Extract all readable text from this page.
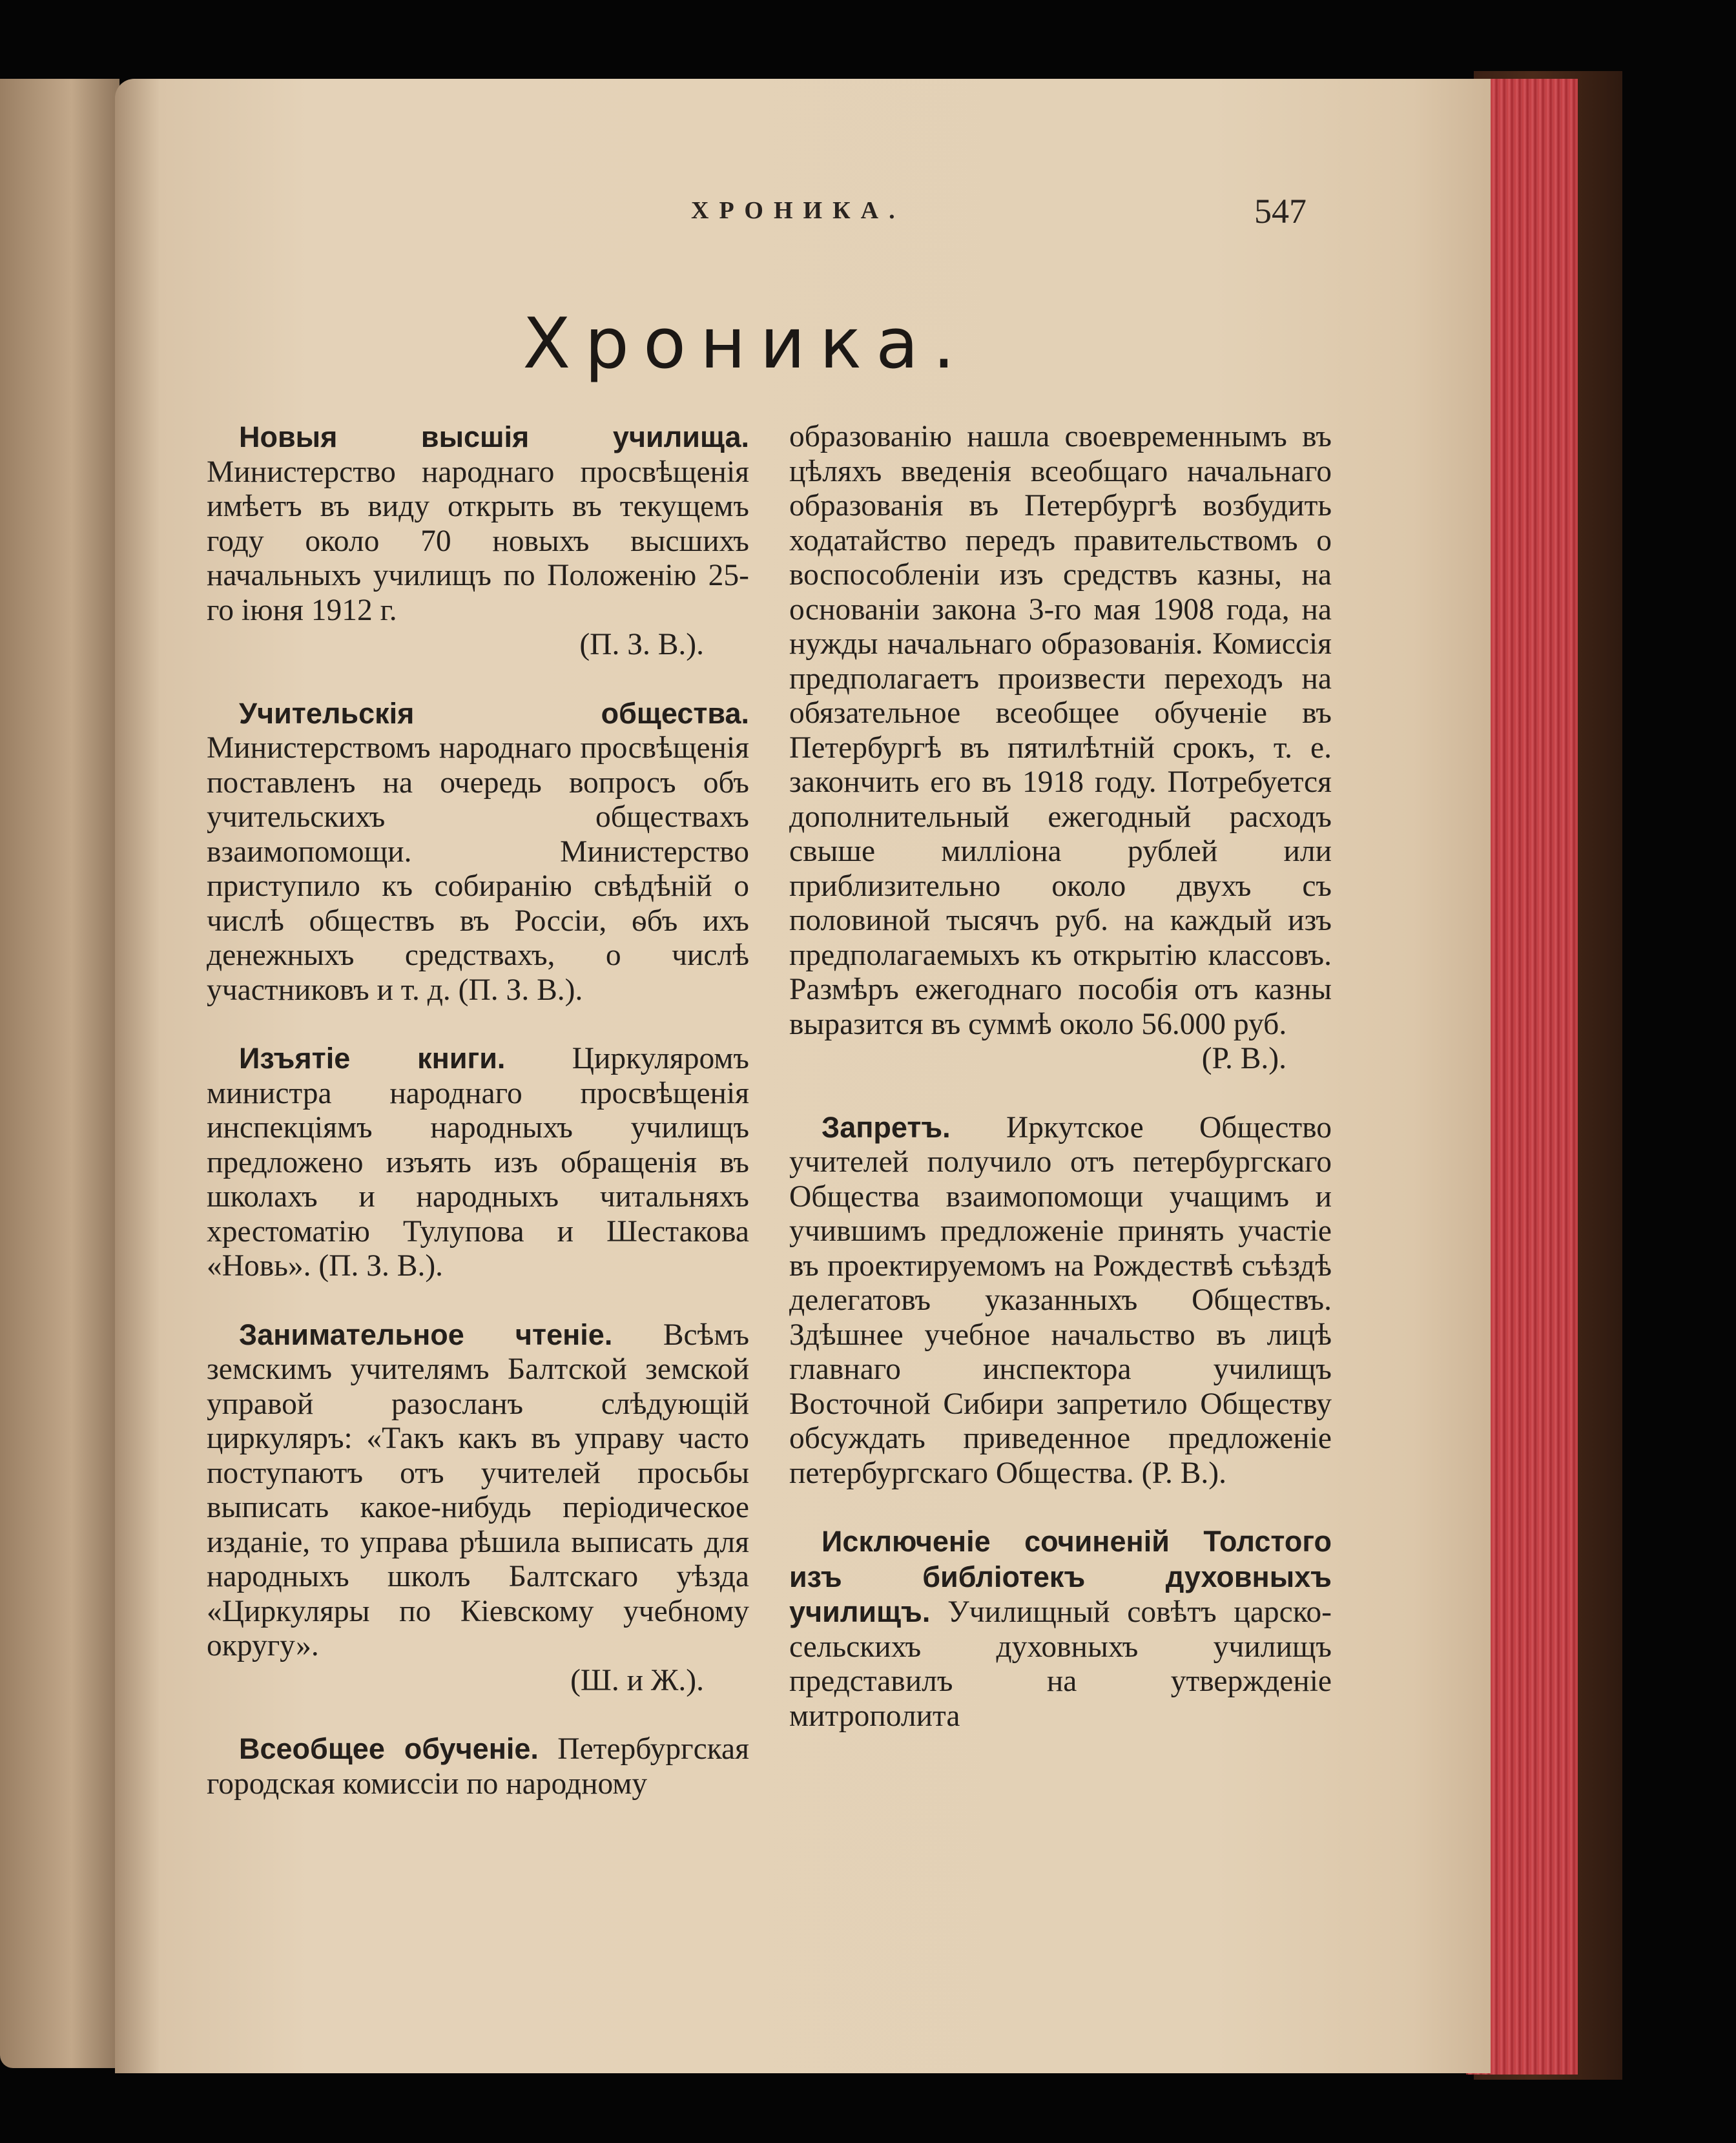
ХРОНИКА.	547
Хроника.

Новыя высшія училища. Министерство народнаго просвѣщенія имѣетъ въ виду открыть въ текущемъ году около 70 новыхъ высшихъ начальныхъ училищъ по Положенію 25-го іюня 1912 г.
(П. З. В.).

Учительскія общества. Министерствомъ народнаго просвѣщенія поставленъ на очередь вопросъ объ учительскихъ обществахъ взаимопомощи. Министерство приступило къ собиранію свѣдѣній о числѣ обществъ въ Россіи, ѳбъ ихъ денежныхъ средствахъ, о числѣ участниковъ и т. д. (П. З. В.).

Изъятіе книги. Циркуляромъ министра народнаго просвѣщенія инспекціямъ народныхъ училищъ предложено изъять изъ обращенія въ школахъ и народныхъ читальняхъ хрестоматію Тулупова и Шестакова «Новь». (П. З. В.).

Занимательное чтеніе. Всѣмъ земскимъ учителямъ Балтской земской управой разосланъ слѣдующій циркуляръ: «Такъ какъ въ управу часто поступаютъ отъ учителей просьбы выписать какое-нибудь періодическое изданіе, то управа рѣшила выписать для народныхъ школъ Балтскаго уѣзда «Циркуляры по Кіевскому учебному округу».
(Ш. и Ж.).

Всеобщее обученіе. Петербургская городская комиссіи по народному

образованію нашла своевременнымъ въ цѣляхъ введенія всеобщаго начальнаго образованія въ Петербургѣ возбудить ходатайство передъ правительствомъ о воспособленіи изъ средствъ казны, на основаніи закона 3-го мая 1908 года, на нужды начальнаго образованія. Комиссія предполагаетъ произвести переходъ на обязательное всеобщее обученіе въ Петербургѣ въ пятилѣтній срокъ, т. е. закончить его въ 1918 году. Потребуется дополнительный ежегодный расходъ свыше милліона рублей или приблизительно около двухъ съ половиной тысячъ руб. на каждый изъ предполагаемыхъ къ открытію классовъ. Размѣръ ежегоднаго пособія отъ казны выразится въ суммѣ около 56.000 руб.
(Р. В.).

Запретъ. Иркутское Общество учителей получило отъ петербургскаго Общества взаимопомощи учащимъ и учившимъ предложеніе принять участіе въ проектируемомъ на Рождествѣ съѣздѣ делегатовъ указанныхъ Обществъ. Здѣшнее учебное начальство въ лицѣ главнаго инспектора училищъ Восточной Сибири запретило Обществу обсуждать приведенное предложеніе петербургскаго Общества. (Р. В.).

Исключеніе сочиненій Толстого изъ библіотекъ духовныхъ училищъ. Училищный совѣтъ царско-сельскихъ духовныхъ училищъ представилъ на утвержденіе митрополита
